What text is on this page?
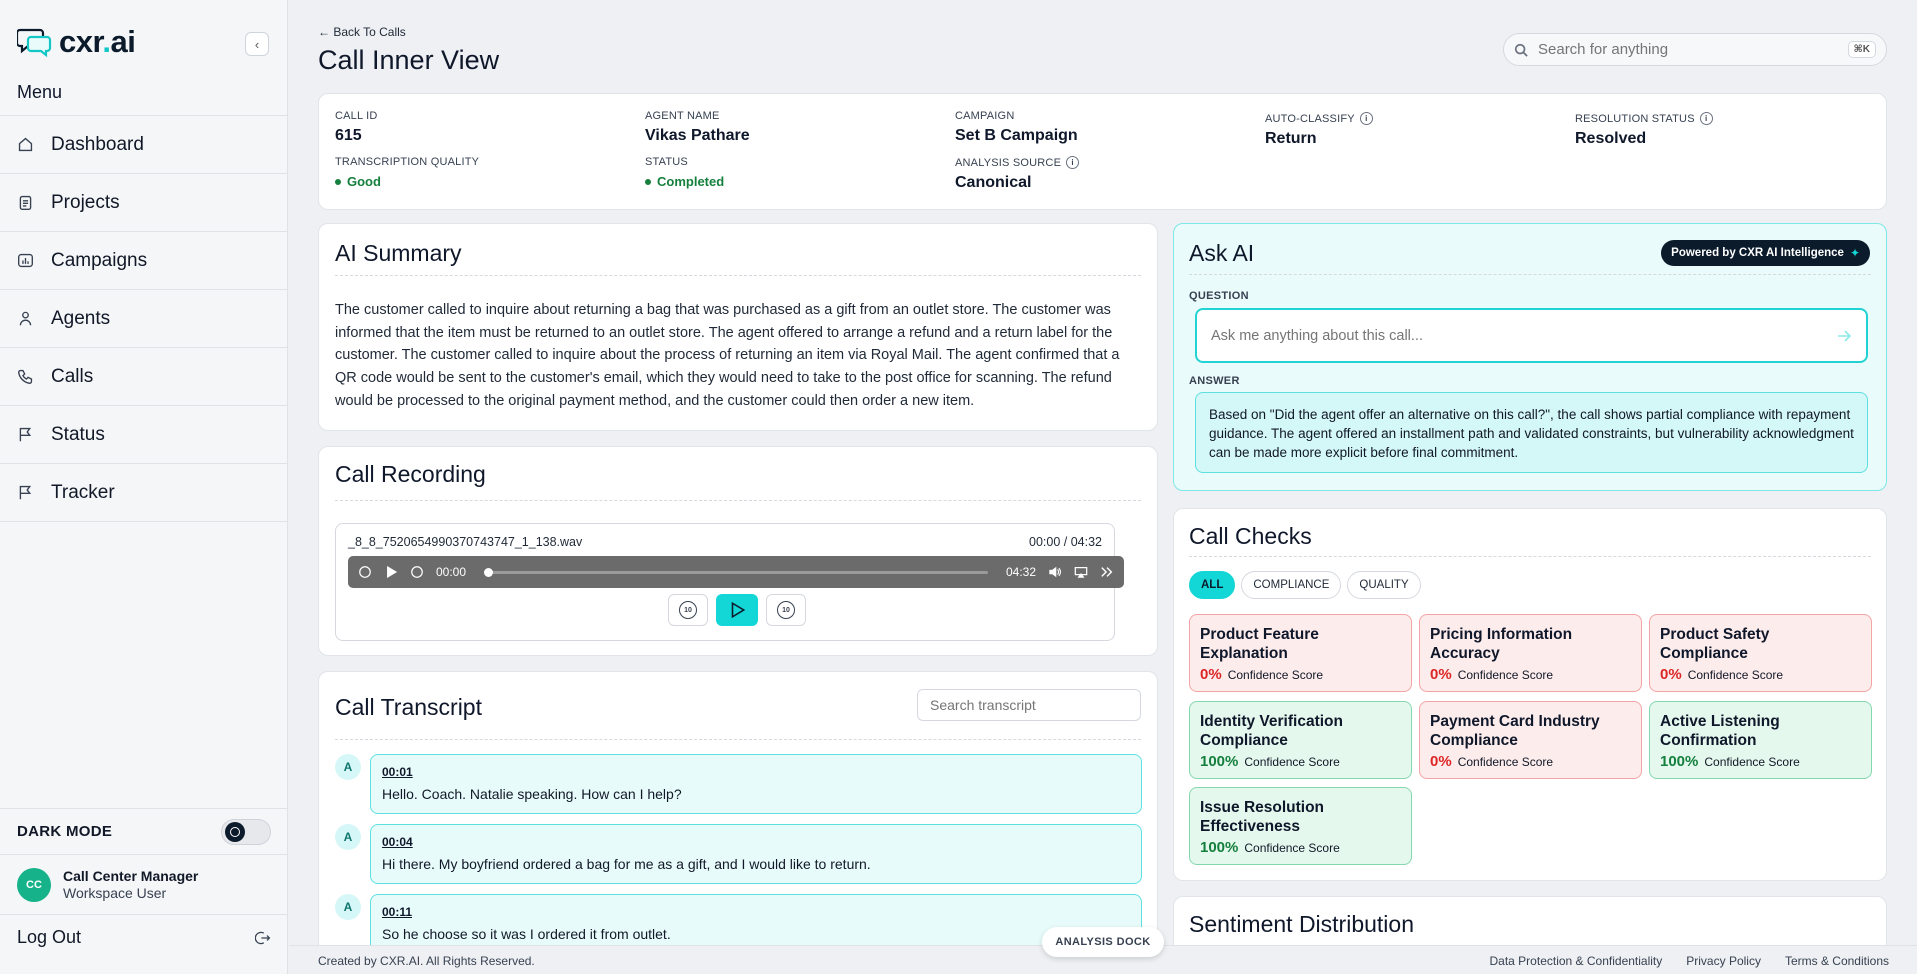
cxr.ai	‹
Menu
Dashboard
Projects
Campaigns
Agents
Calls
Status
Tracker
DARK MODE
CC
Call Center Manager
Workspace User
Log Out
← Back To Calls
Call Inner View
Search for anything	⌘K
CALL ID
615
TRANSCRIPTION QUALITY
Good
AGENT NAME
Vikas Pathare
STATUS
Completed
CAMPAIGN
Set B Campaign
ANALYSIS SOURCE	i
Canonical
AUTO-CLASSIFY	i
Return
RESOLUTION STATUS	i
Resolved
AI Summary

The customer called to inquire about returning a bag that was purchased as a gift from an outlet store. The customer was informed that the item must be returned to an outlet store. The agent offered to arrange a refund and a return label for the customer. The customer called to inquire about the process of returning an item via Royal Mail. The agent confirmed that a QR code would be sent to the customer's email, which they would need to take to the post office for scanning. The refund would be processed to the original payment method, and the customer could then order a new item.

Call Recording
_8_8_7520654990370743747_1_138.wav	00:00 / 04:32
00:00	04:32
10	10
Call Transcript
Search transcript
A	00:01
Hello. Coach. Natalie speaking. How can I help?
A	00:04
Hi there. My boyfriend ordered a bag for me as a gift, and I would like to return.
A	00:11
So he choose so it was I ordered it from outlet.
Ask AI	Powered by CXR AI Intelligence ✦
QUESTION
Ask me anything about this call...
ANSWER
Based on "Did the agent offer an alternative on this call?", the call shows partial compliance with repayment guidance. The agent offered an installment path and validated constraints, but vulnerability acknowledgment can be made more explicit before final commitment.
Call Checks
ALL	COMPLIANCE	QUALITY
Product Feature Explanation
0% Confidence Score
Pricing Information Accuracy
0% Confidence Score
Product Safety Compliance
0% Confidence Score
Identity Verification Compliance
100% Confidence Score
Payment Card Industry Compliance
0% Confidence Score
Active Listening Confirmation
100% Confidence Score
Issue Resolution Effectiveness
100% Confidence Score
Sentiment Distribution
Created by CXR.AI. All Rights Reserved.	Data Protection & Confidentiality Privacy Policy Terms & Conditions
ANALYSIS DOCK
